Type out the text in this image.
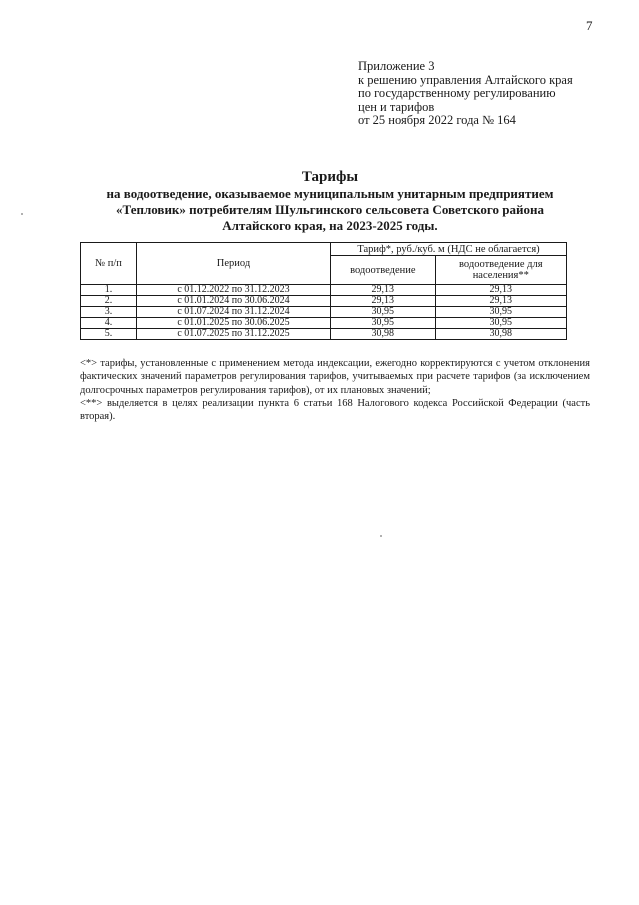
7
Приложение 3
к решению управления Алтайского края
по государственному регулированию
цен и тарифов
от 25 ноября 2022 года № 164
Тарифы
на водоотведение, оказываемое муниципальным унитарным предприятием
«Тепловик» потребителям Шульгинского сельсовета Советского района
Алтайского края, на 2023-2025 годы.
№ п/п	Период	Тариф*, руб./куб. м (НДС не облагается)	
		водоотведение	водоотведение для
населения**
1.	с 01.12.2022 по 31.12.2023	29,13	29,13
2.	с 01.01.2024 по 30.06.2024	29,13	29,13
3.	с 01.07.2024 по 31.12.2024	30,95	30,95
4.	с 01.01.2025 по 30.06.2025	30,95	30,95
5.	с 01.07.2025 по 31.12.2025	30,98	30,98

<*> тарифы, установленные с применением метода индексации, ежегодно корректируются с учетом отклонения фактических значений параметров регулирования тарифов, учитываемых при расчете тарифов (за исключением долгосрочных параметров регулирования тарифов), от их плановых значений;

<**> выделяется в целях реализации пункта 6 статьи 168 Налогового кодекса Российской Федерации (часть вторая).
